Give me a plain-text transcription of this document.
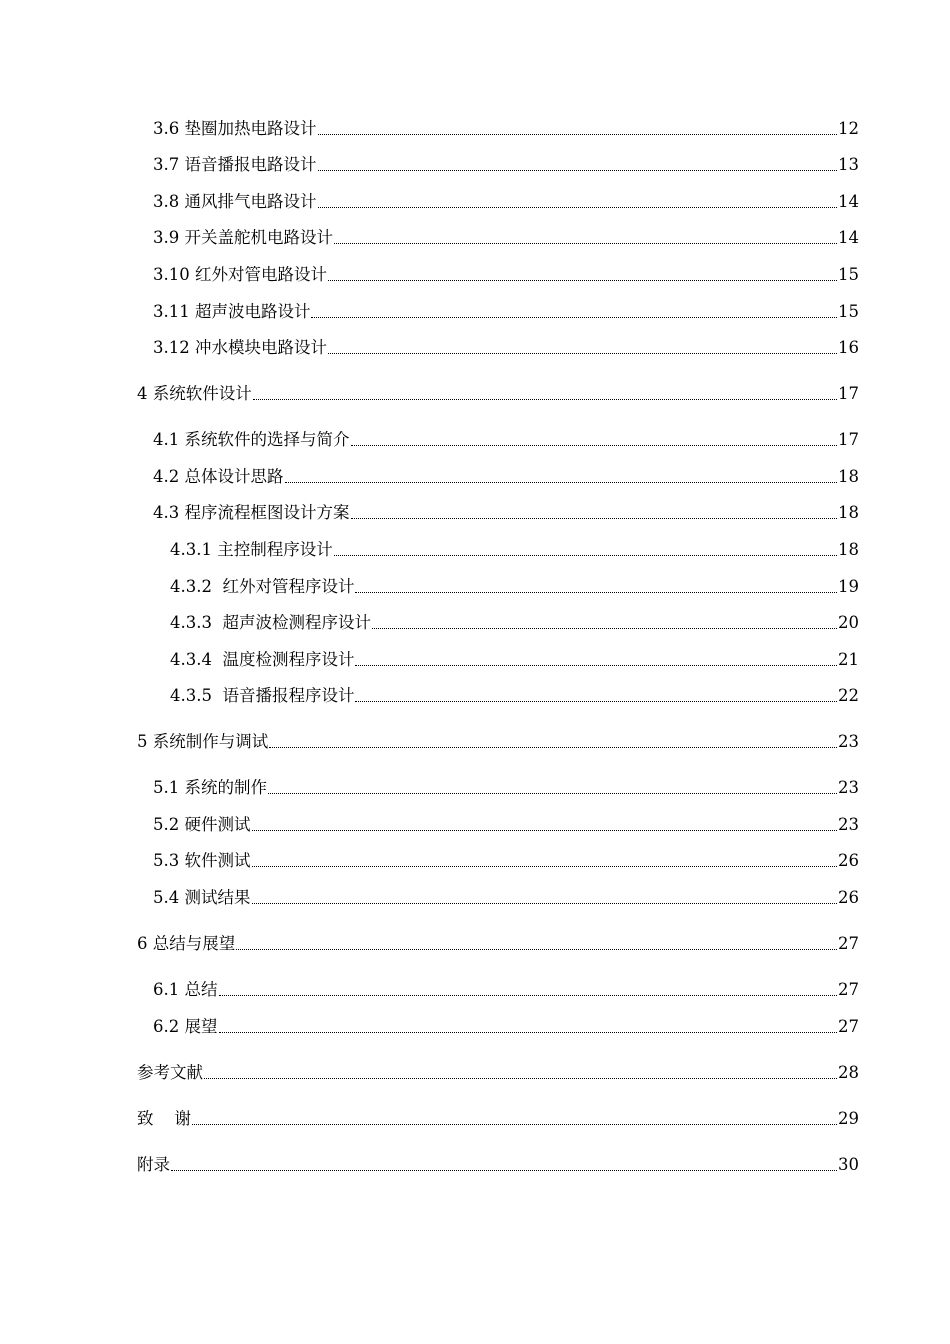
3.6 垫圈加热电路设计	12
3.7 语音播报电路设计	13
3.8 通风排气电路设计	14
3.9 开关盖舵机电路设计	14
3.10 红外对管电路设计	15
3.11 超声波电路设计	15
3.12 冲水模块电路设计	16
4 系统软件设计	17
4.1 系统软件的选择与简介	17
4.2 总体设计思路	18
4.3 程序流程框图设计方案	18
4.3.1 主控制程序设计	18
4.3.2  红外对管程序设计	19
4.3.3  超声波检测程序设计	20
4.3.4  温度检测程序设计	21
4.3.5  语音播报程序设计	22
5 系统制作与调试	23
5.1 系统的制作	23
5.2 硬件测试	23
5.3 软件测试	26
5.4 测试结果	26
6 总结与展望	27
6.1 总结	27
6.2 展望	27
参考文献	28
致    谢	29
附录	30
